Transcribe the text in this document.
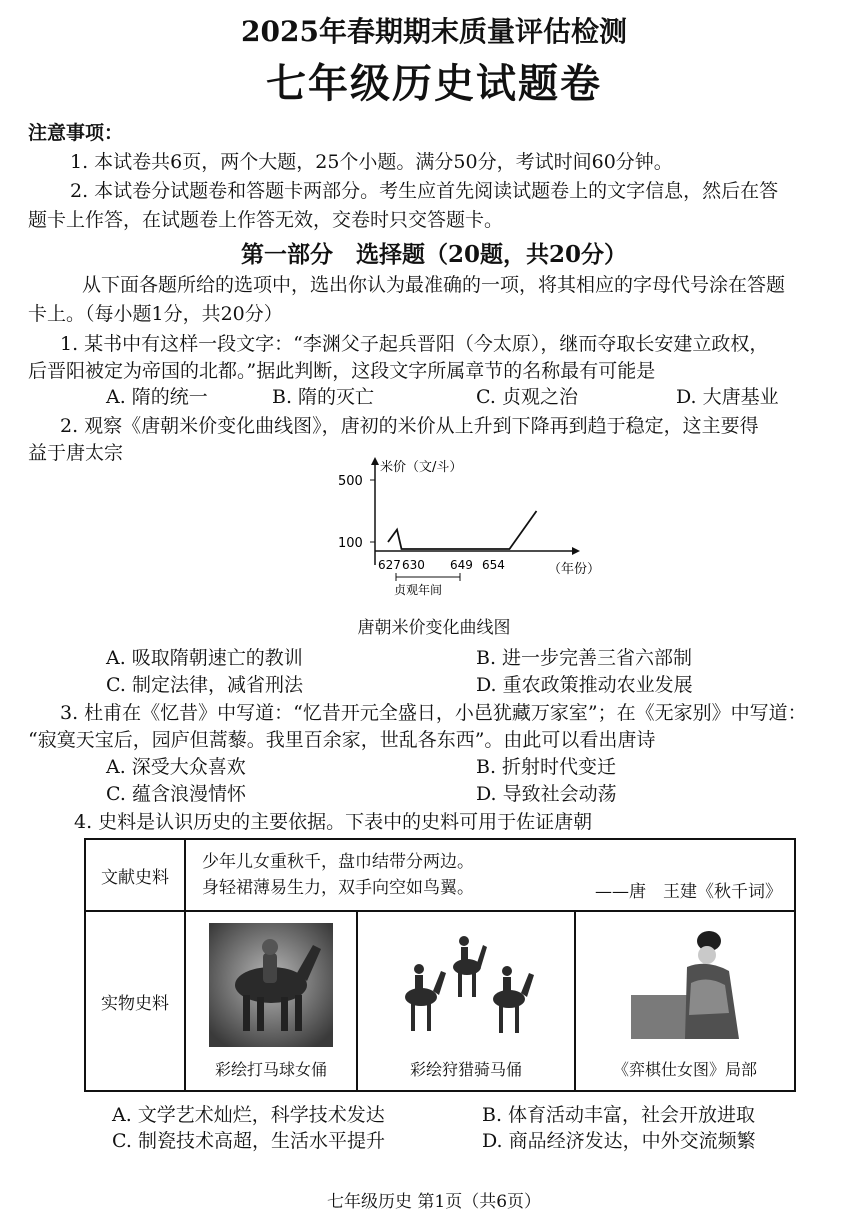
2025年春期期末质量评估检测
七年级历史试题卷
注意事项：
1. 本试卷共6页，两个大题，25个小题。满分50分，考试时间60分钟。
2. 本试卷分试题卷和答题卡两部分。考生应首先阅读试题卷上的文字信息，然后在答
题卡上作答，在试题卷上作答无效，交卷时只交答题卡。
第一部分　选择题（20题，共20分）
从下面各题所给的选项中，选出你认为最准确的一项，将其相应的字母代号涂在答题
卡上。（每小题1分，共20分）
1. 某书中有这样一段文字：“李渊父子起兵晋阳（今太原），继而夺取长安建立政权，
后晋阳被定为帝国的北都。”据此判断，这段文字所属章节的名称最有可能是
A. 隋的统一	B. 隋的灭亡	C. 贞观之治	D. 大唐基业
2. 观察《唐朝米价变化曲线图》，唐初的米价从上升到下降再到趋于稳定，这主要得
益于唐太宗
米价（文/斗）
500
100
627 630 649 654	（年份）
贞观年间
唐朝米价变化曲线图
A. 吸取隋朝速亡的教训	B. 进一步完善三省六部制
C. 制定法律，减省刑法	D. 重农政策推动农业发展
3. 杜甫在《忆昔》中写道：“忆昔开元全盛日，小邑犹藏万家室”；在《无家别》中写道：
“寂寞天宝后，园庐但蒿藜。我里百余家，世乱各东西”。由此可以看出唐诗
A. 深受大众喜欢	B. 折射时代变迁
C. 蕴含浪漫情怀	D. 导致社会动荡
4. 史料是认识历史的主要依据。下表中的史料可用于佐证唐朝
文献史料	少年儿女重秋千，盘巾结带分两边。
身轻裙薄易生力，双手向空如鸟翼。 ——唐　王建《秋千词》		

实物史料	彩绘打马球女俑	彩绘狩猎骑马俑	《弈棋仕女图》局部
A. 文学艺术灿烂，科学技术发达	B. 体育活动丰富，社会开放进取
C. 制瓷技术高超，生活水平提升	D. 商品经济发达，中外交流频繁
七年级历史 第1页（共6页）
